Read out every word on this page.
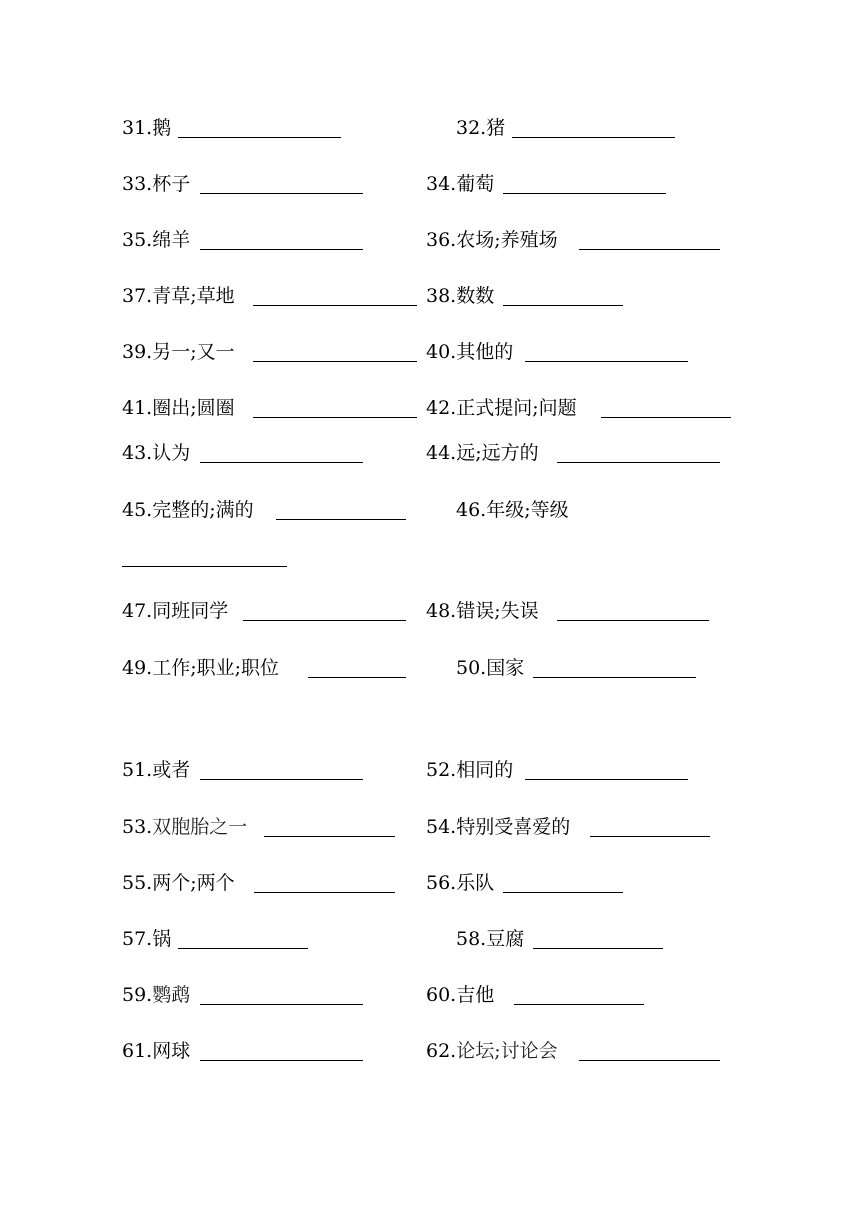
31.鹅	32.猪
33.杯子	34.葡萄
35.绵羊	36.农场;养殖场
37.青草;草地	38.数数
39.另一;又一	40.其他的
41.圈出;圆圈	42.正式提问;问题
43.认为	44.远;远方的
45.完整的;满的	46.年级;等级
47.同班同学	48.错误;失误
49.工作;职业;职位	50.国家
51.或者	52.相同的
53.双胞胎之一	54.特别受喜爱的
55.两个;两个	56.乐队
57.锅	58.豆腐
59.鹦鹉	60.吉他
61.网球	62.论坛;讨论会
